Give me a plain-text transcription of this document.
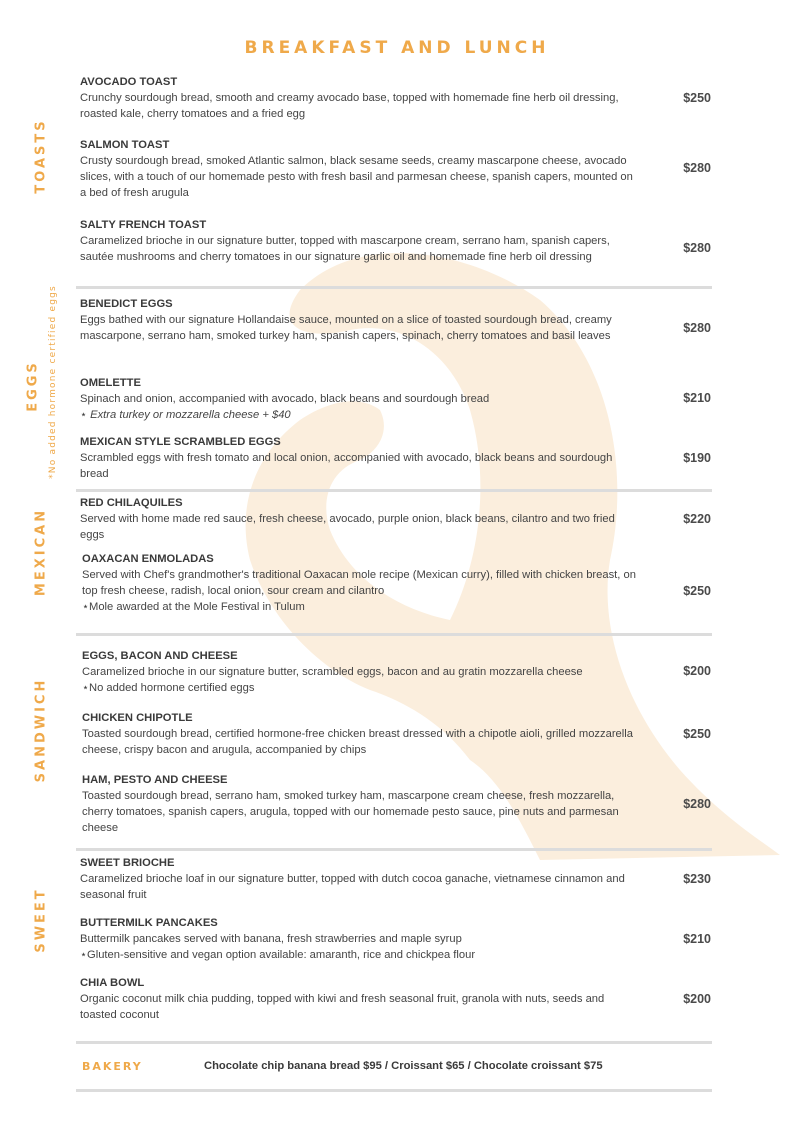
BREAKFAST AND LUNCH
TOASTS
EGGS *No added hormone certified eggs
MEXICAN
SANDWICH
SWEET
AVOCADO TOAST
Crunchy sourdough bread, smooth and creamy avocado base, topped with homemade fine herb oil dressing, roasted kale, cherry tomatoes and a fried egg
$250
SALMON TOAST
Crusty sourdough bread, smoked Atlantic salmon, black sesame seeds, creamy mascarpone cheese, avocado slices, with a touch of our homemade pesto with fresh basil and parmesan cheese, spanish capers, mounted on a bed of fresh arugula
$280
SALTY FRENCH TOAST
Caramelized brioche in our signature butter, topped with mascarpone cream, serrano ham, spanish capers, sautée mushrooms and cherry tomatoes in our signature garlic oil and homemade fine herb oil dressing
$280
BENEDICT EGGS
Eggs bathed with our signature Hollandaise sauce, mounted on a slice of toasted sourdough bread, creamy mascarpone, serrano ham, smoked turkey ham, spanish capers, spinach, cherry tomatoes and basil leaves
$280
OMELETTE
Spinach and onion, accompanied with avocado, black beans and sourdough bread
⋆ Extra turkey or mozzarella cheese + $40
$210
MEXICAN STYLE SCRAMBLED EGGS
Scrambled eggs with fresh tomato and local onion, accompanied with avocado, black beans and sourdough bread
$190
RED CHILAQUILES
Served with home made red sauce, fresh cheese, avocado, purple onion, black beans, cilantro and two fried eggs
$220
OAXACAN ENMOLADAS
Served with Chef's grandmother's traditional Oaxacan mole recipe (Mexican curry), filled with chicken breast, on top fresh cheese, radish, local onion, sour cream and cilantro
⋆Mole awarded at the Mole Festival in Tulum
$250
EGGS, BACON AND CHEESE
Caramelized brioche in our signature butter, scrambled eggs, bacon and au gratin mozzarella cheese
⋆No added hormone certified eggs
$200
CHICKEN CHIPOTLE
Toasted sourdough bread, certified hormone-free chicken breast dressed with a chipotle aioli, grilled mozzarella cheese, crispy bacon and arugula, accompanied by chips
$250
HAM, PESTO AND CHEESE
Toasted sourdough bread, serrano ham, smoked turkey ham, mascarpone cream cheese, fresh mozzarella, cherry tomatoes, spanish capers, arugula, topped with our homemade pesto sauce, pine nuts and parmesan cheese
$280
SWEET BRIOCHE
Caramelized brioche loaf in our signature butter, topped with dutch cocoa ganache, vietnamese cinnamon and seasonal fruit
$230
BUTTERMILK PANCAKES
Buttermilk pancakes served with banana, fresh strawberries and maple syrup
⋆Gluten-sensitive and vegan option available: amaranth, rice and chickpea flour
$210
CHIA BOWL
Organic coconut milk chia pudding, topped with kiwi and fresh seasonal fruit, granola with nuts, seeds and toasted coconut
$200
BAKERY	Chocolate chip banana bread $95 / Croissant $65 / Chocolate croissant $75
